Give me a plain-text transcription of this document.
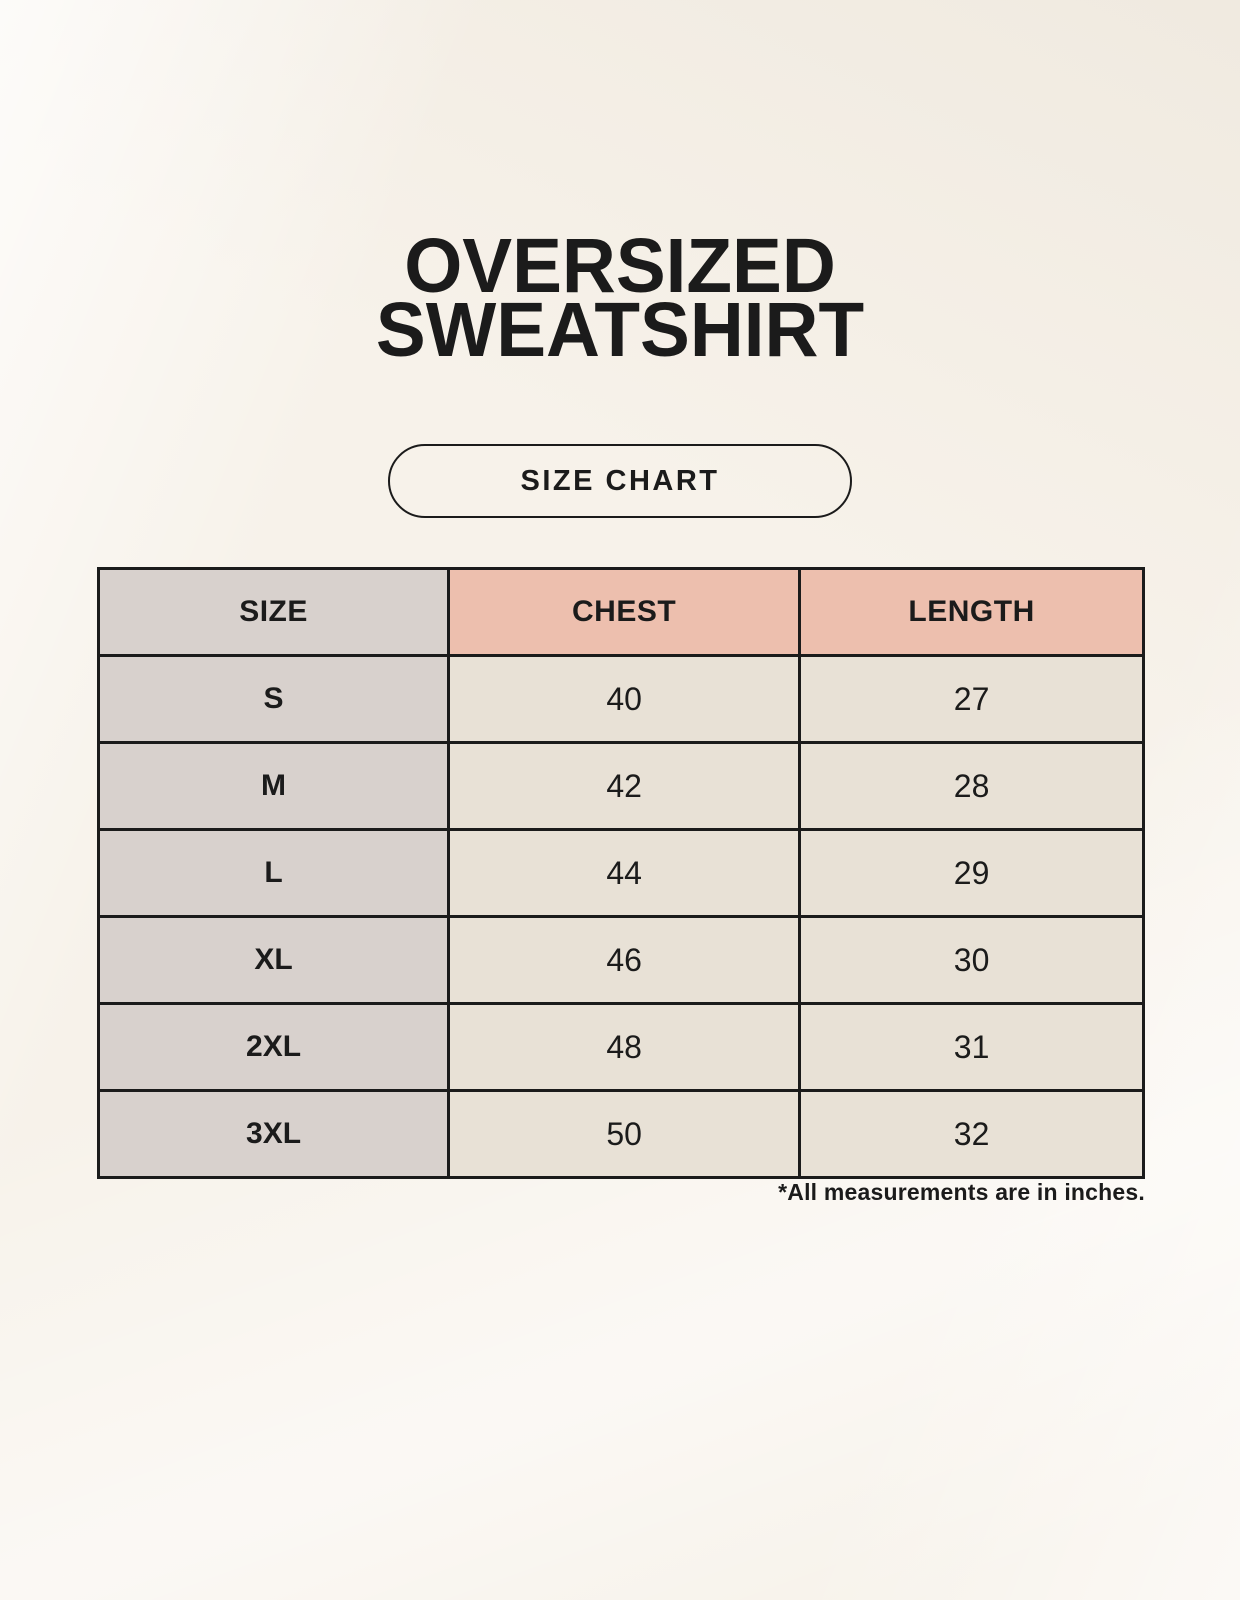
OVERSIZED
SWEATSHIRT
SIZE CHART
SIZE	CHEST	LENGTH
S	40	27
M	42	28
L	44	29
XL	46	30
2XL	48	31
3XL	50	32
*All measurements are in inches.
